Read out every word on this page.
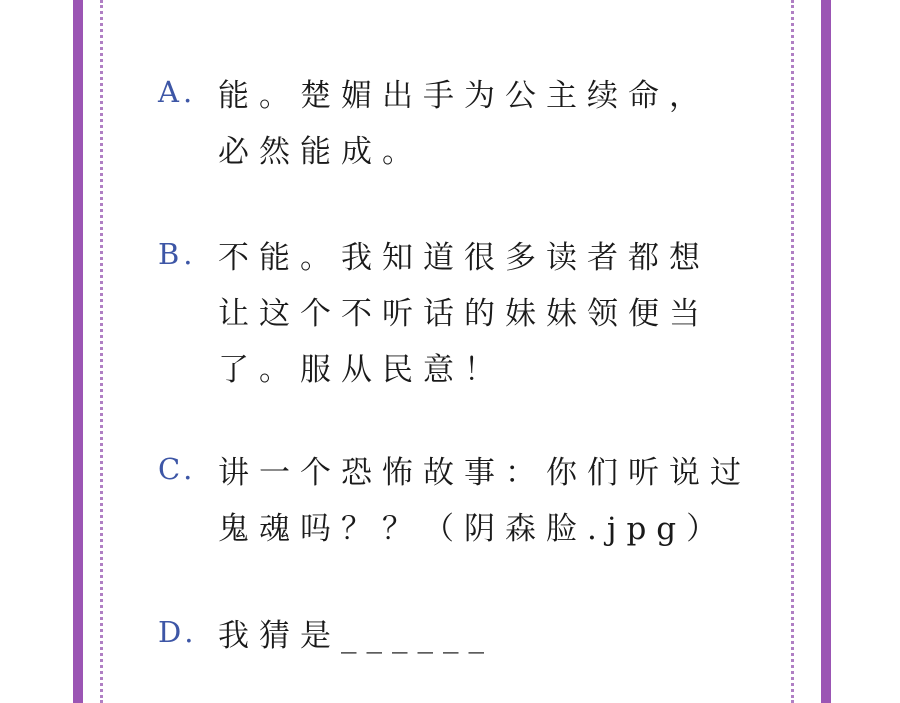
A. 能。楚媚出手为公主续命，
必然能成。
B. 不能。我知道很多读者都想
让这个不听话的妹妹领便当
了。服从民意！
C. 讲一个恐怖故事：你们听说过
鬼魂吗？？（阴森脸.jpg）
D. 我猜是______
